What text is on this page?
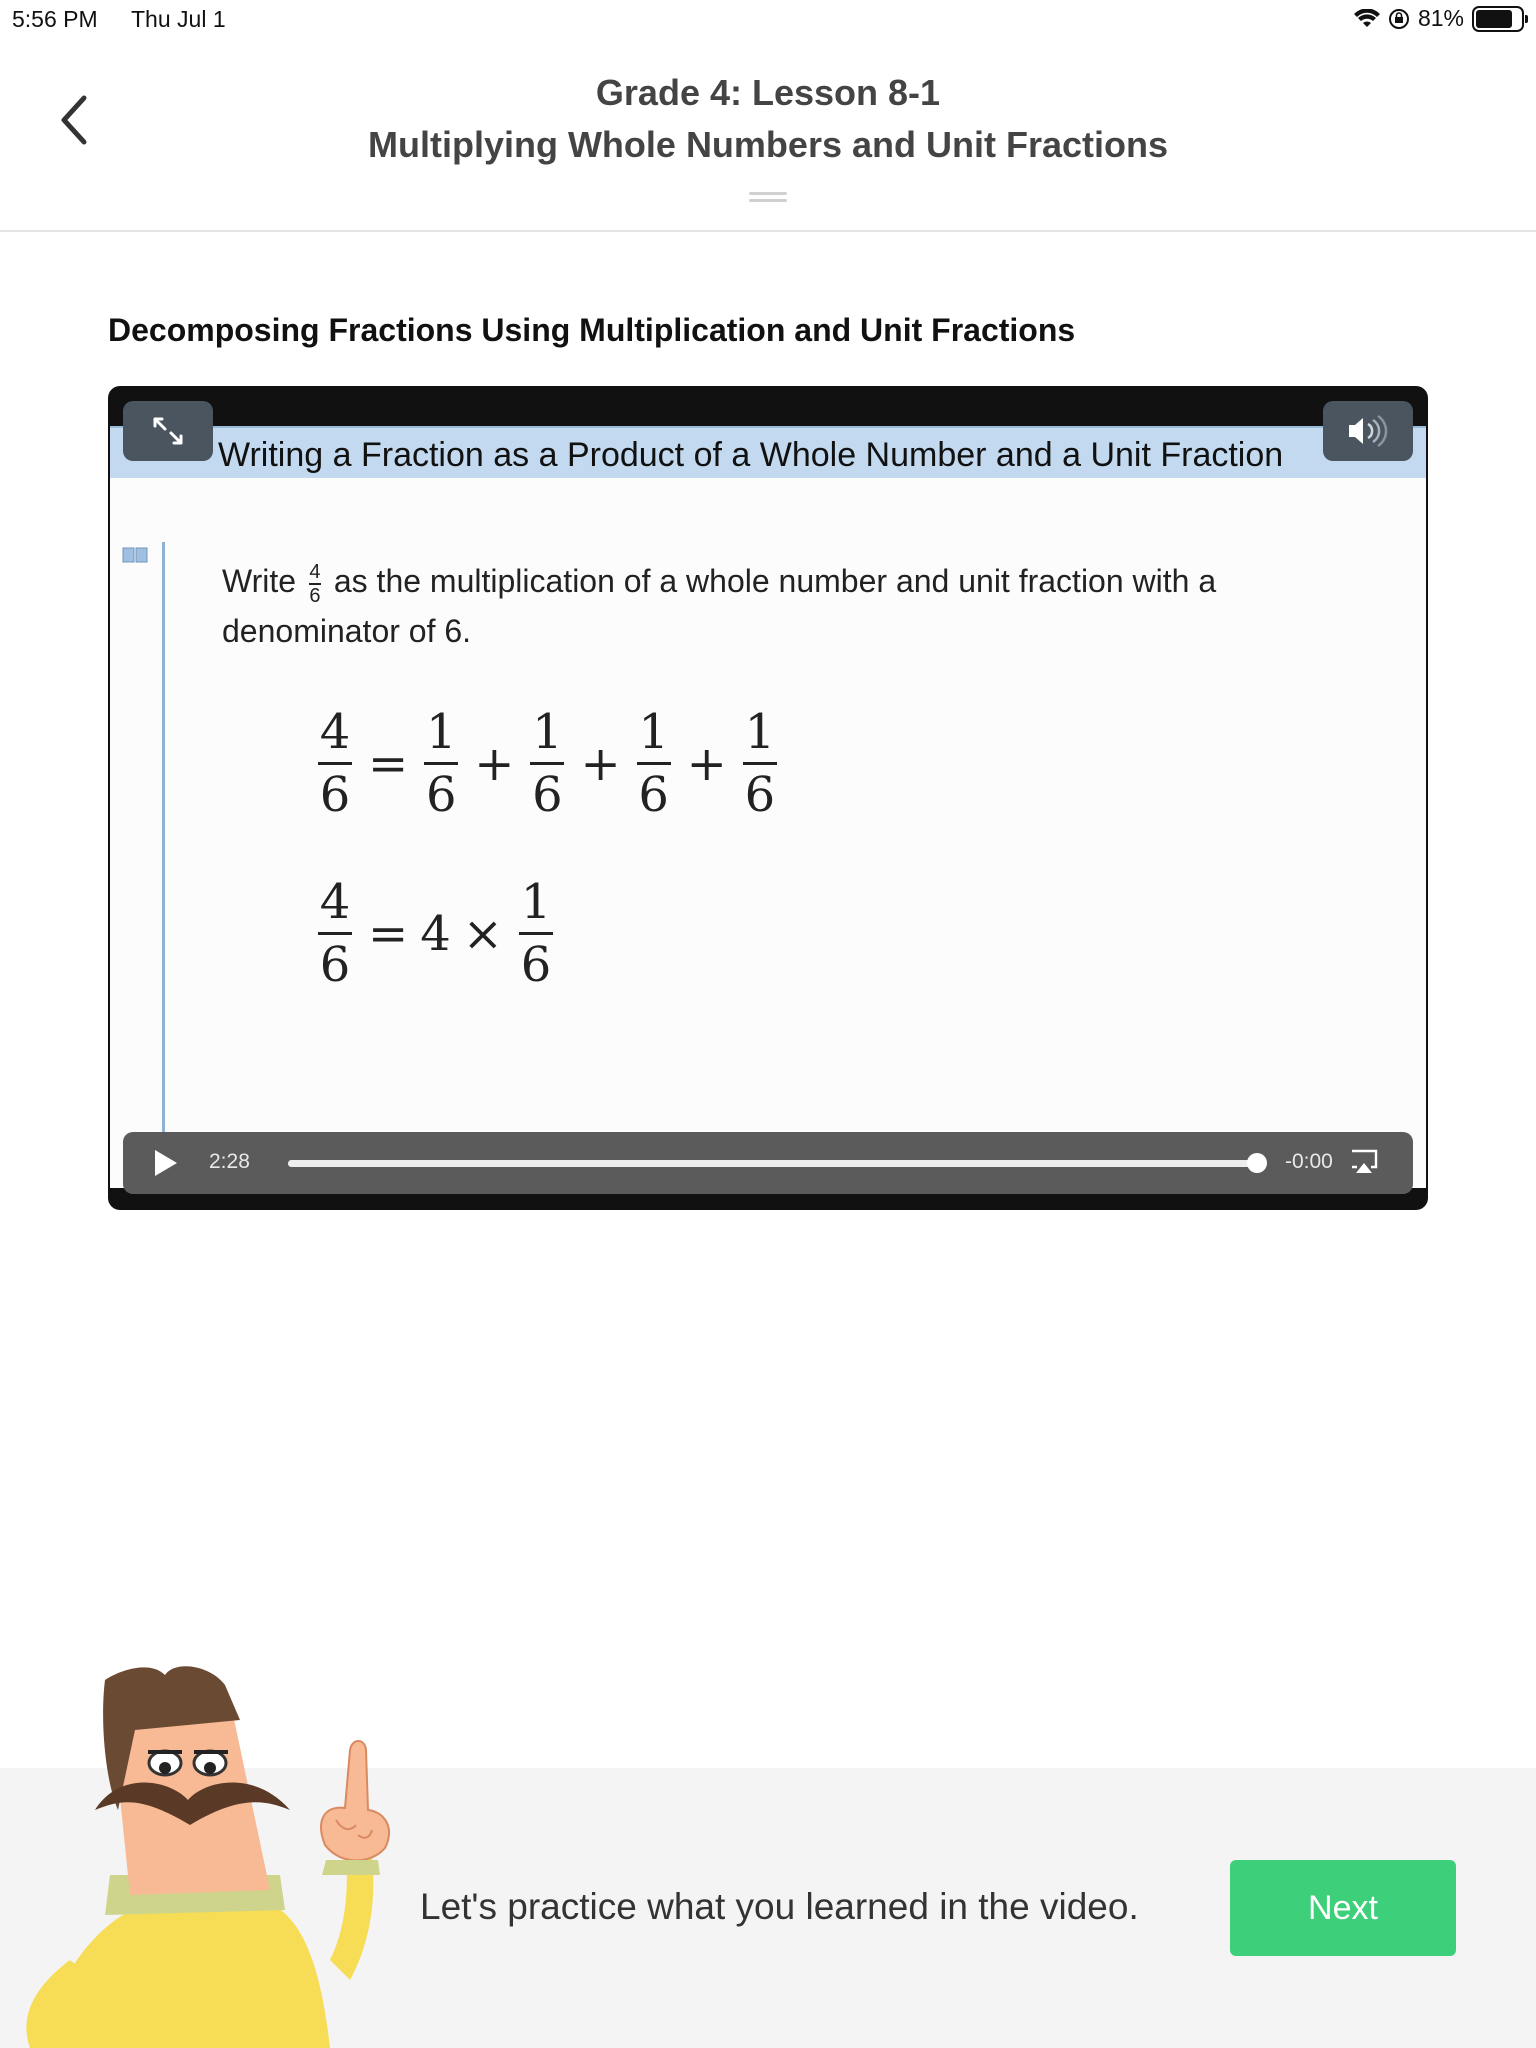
5:56 PM Thu Jul 1	81%
Grade 4: Lesson 8-1
Multiplying Whole Numbers and Unit Fractions
Decomposing Fractions Using Multiplication and Unit Fractions
Writing a Fraction as a Product of a Whole Number and a Unit Fraction
Write $\frac{4}{6}$ as the multiplication of a whole number and unit fraction with a denominator of 6.
$\frac{4}{6} = \frac{1}{6} + \frac{1}{6} + \frac{1}{6} + \frac{1}{6}$
$\frac{4}{6} = 4 \times \frac{1}{6}$
2:28	-0:00
Let's practice what you learned in the video.	Next
